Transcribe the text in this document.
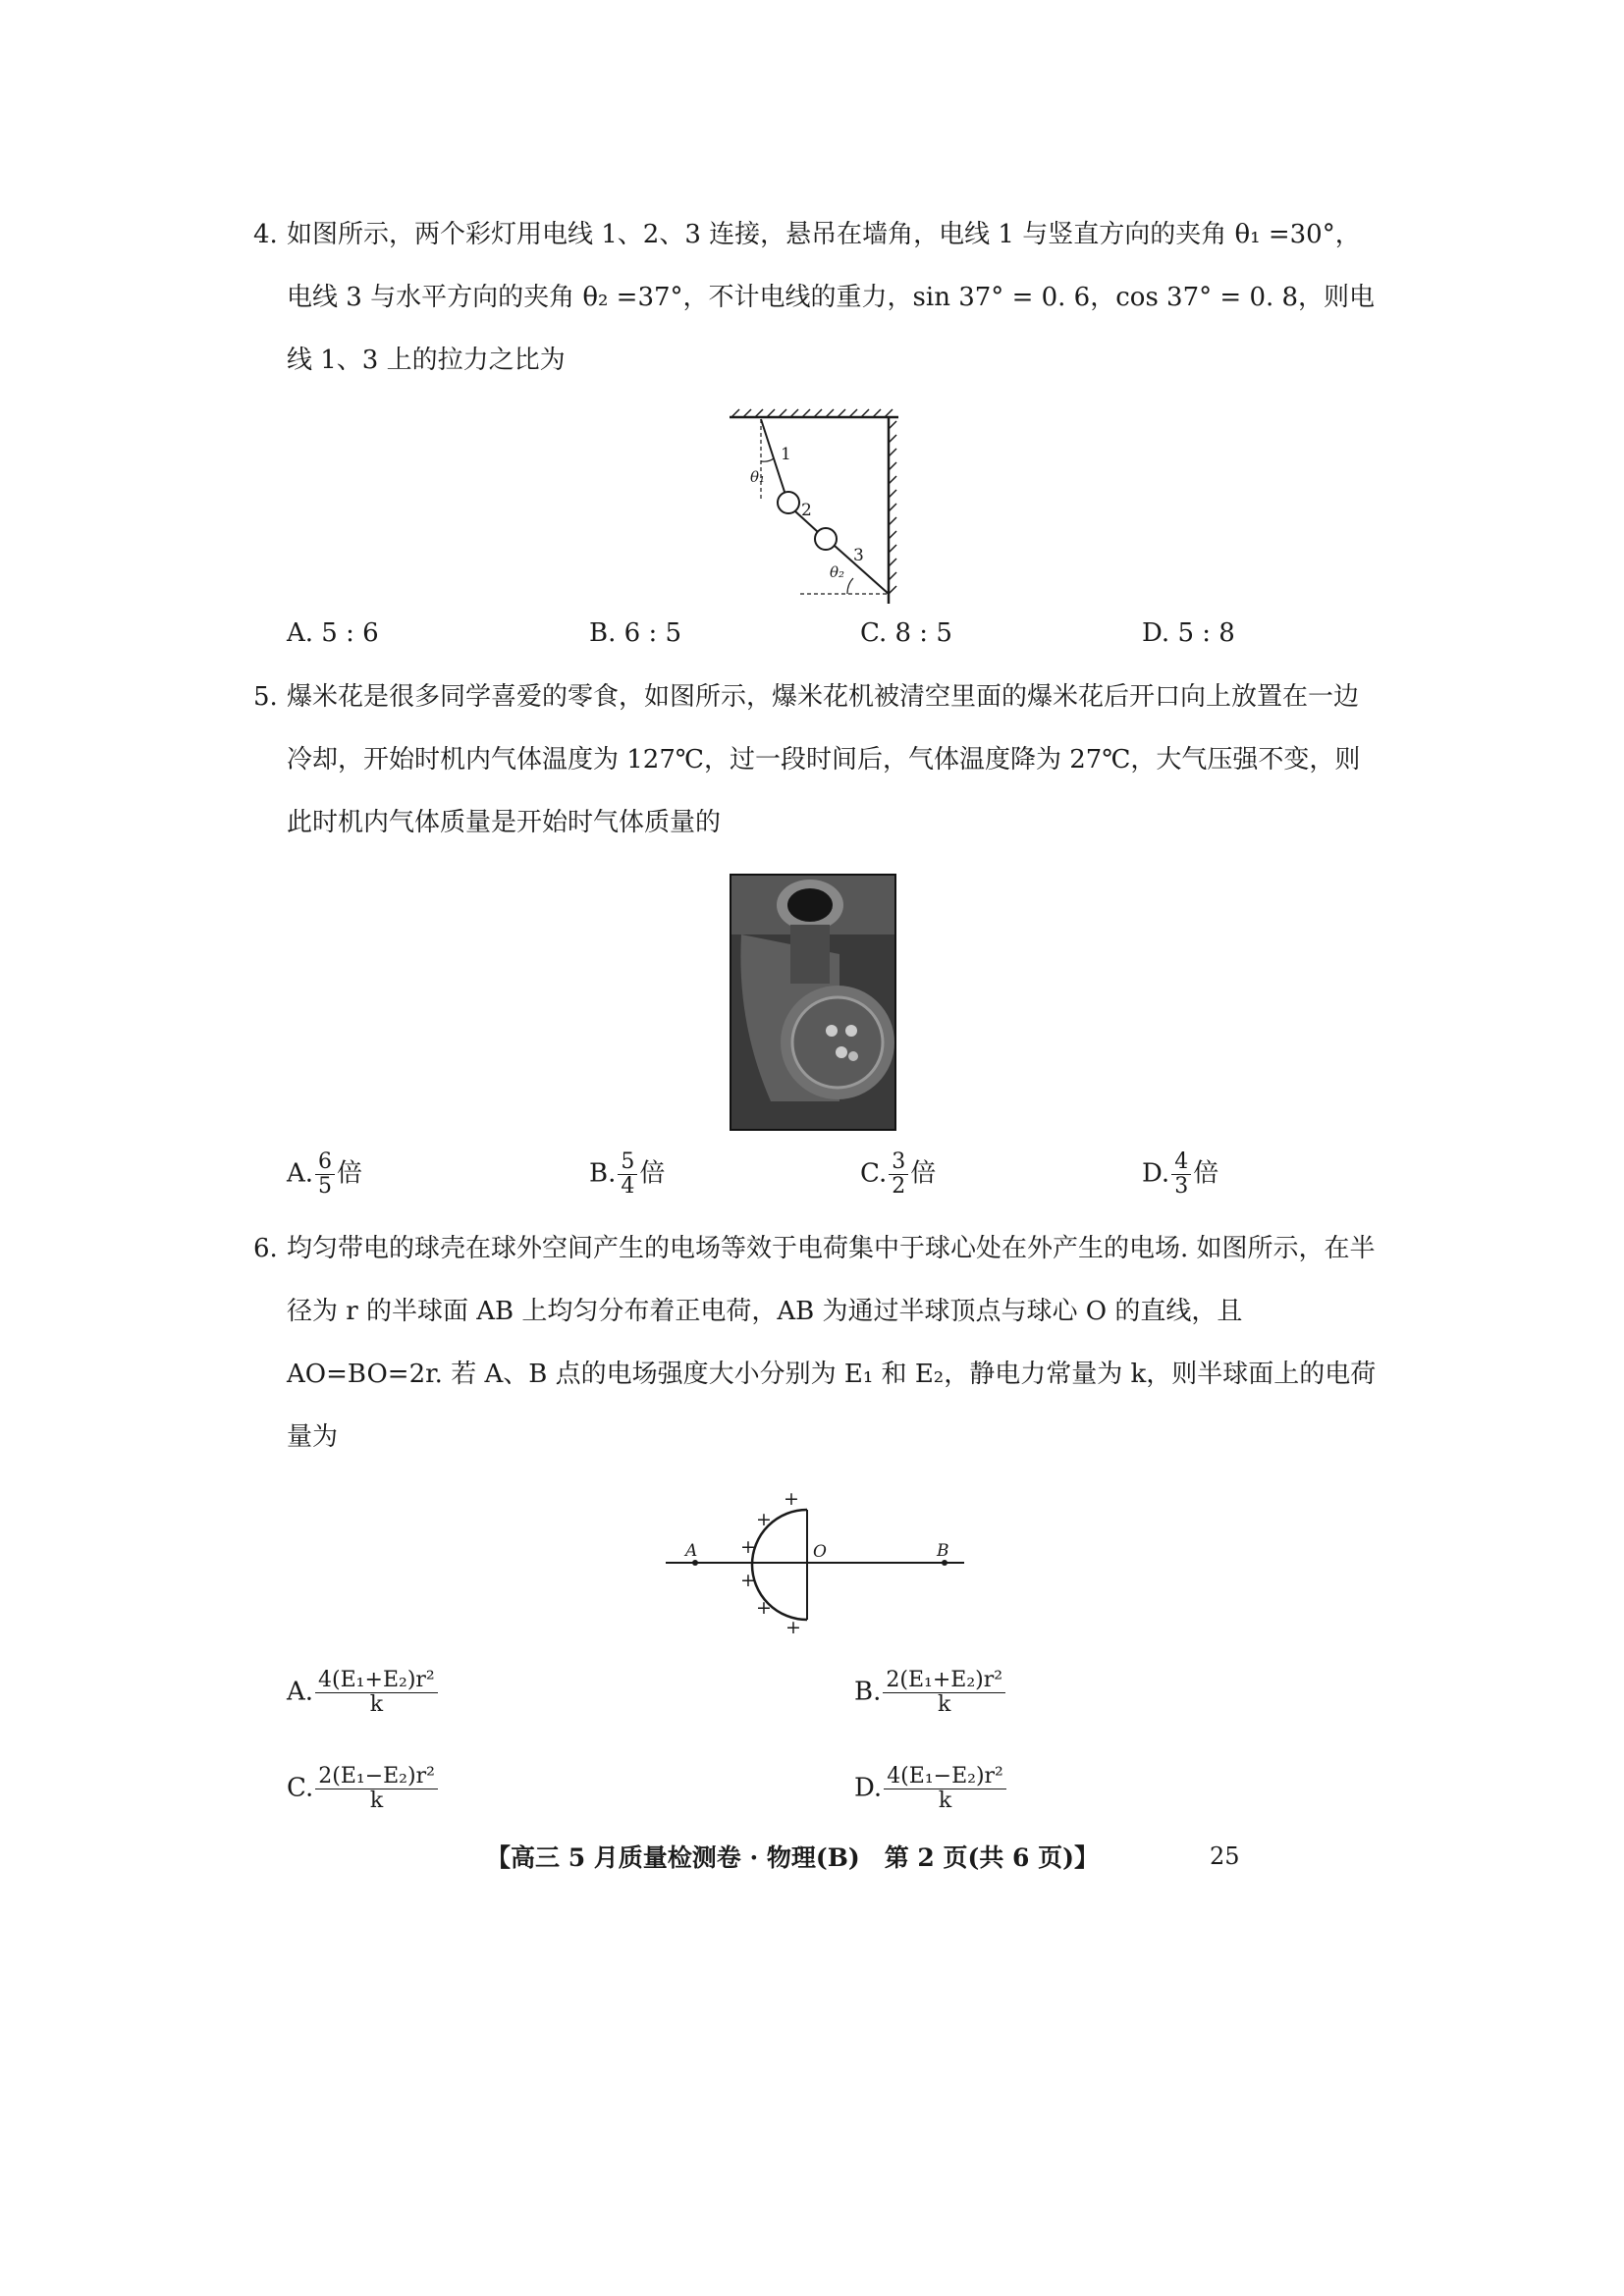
4. 如图所示，两个彩灯用电线 1、2、3 连接，悬吊在墙角，电线 1 与竖直方向的夹角 θ₁ =30°，电线 3 与水平方向的夹角 θ₂ =37°，不计电线的重力，sin 37° = 0. 6，cos 37° = 0. 8，则电线 1、3 上的拉力之比为
1
2
3
θ₁
θ₂
A. 5 : 6	B. 6 : 5	C. 8 : 5	D. 5 : 8
5. 爆米花是很多同学喜爱的零食，如图所示，爆米花机被清空里面的爆米花后开口向上放置在一边冷却，开始时机内气体温度为 127℃，过一段时间后，气体温度降为 27℃，大气压强不变，则此时机内气体质量是开始时气体质量的
A. $\frac{6}{5}$ 倍	B. $\frac{5}{4}$ 倍	C. $\frac{3}{2}$ 倍	D. $\frac{4}{3}$ 倍
6. 均匀带电的球壳在球外空间产生的电场等效于电荷集中于球心处在外产生的电场. 如图所示，在半径为 r 的半球面 AB 上均匀分布着正电荷，AB 为通过半球顶点与球心 O 的直线，且 AO=BO=2r. 若 A、B 点的电场强度大小分别为 E₁ 和 E₂，静电力常量为 k，则半球面上的电荷量为
A	O	B
+
+
+
+
+
+
A. $\frac{\text{4(E₁+E₂)r²}}{k}$	B. $\frac{\text{2(E₁+E₂)r²}}{k}$
C. $\frac{\text{2(E₁−E₂)r²}}{k}$	D. $\frac{\text{4(E₁−E₂)r²}}{k}$
【高三 5 月质量检测卷 · 物理(B)　第 2 页(共 6 页)】	25
